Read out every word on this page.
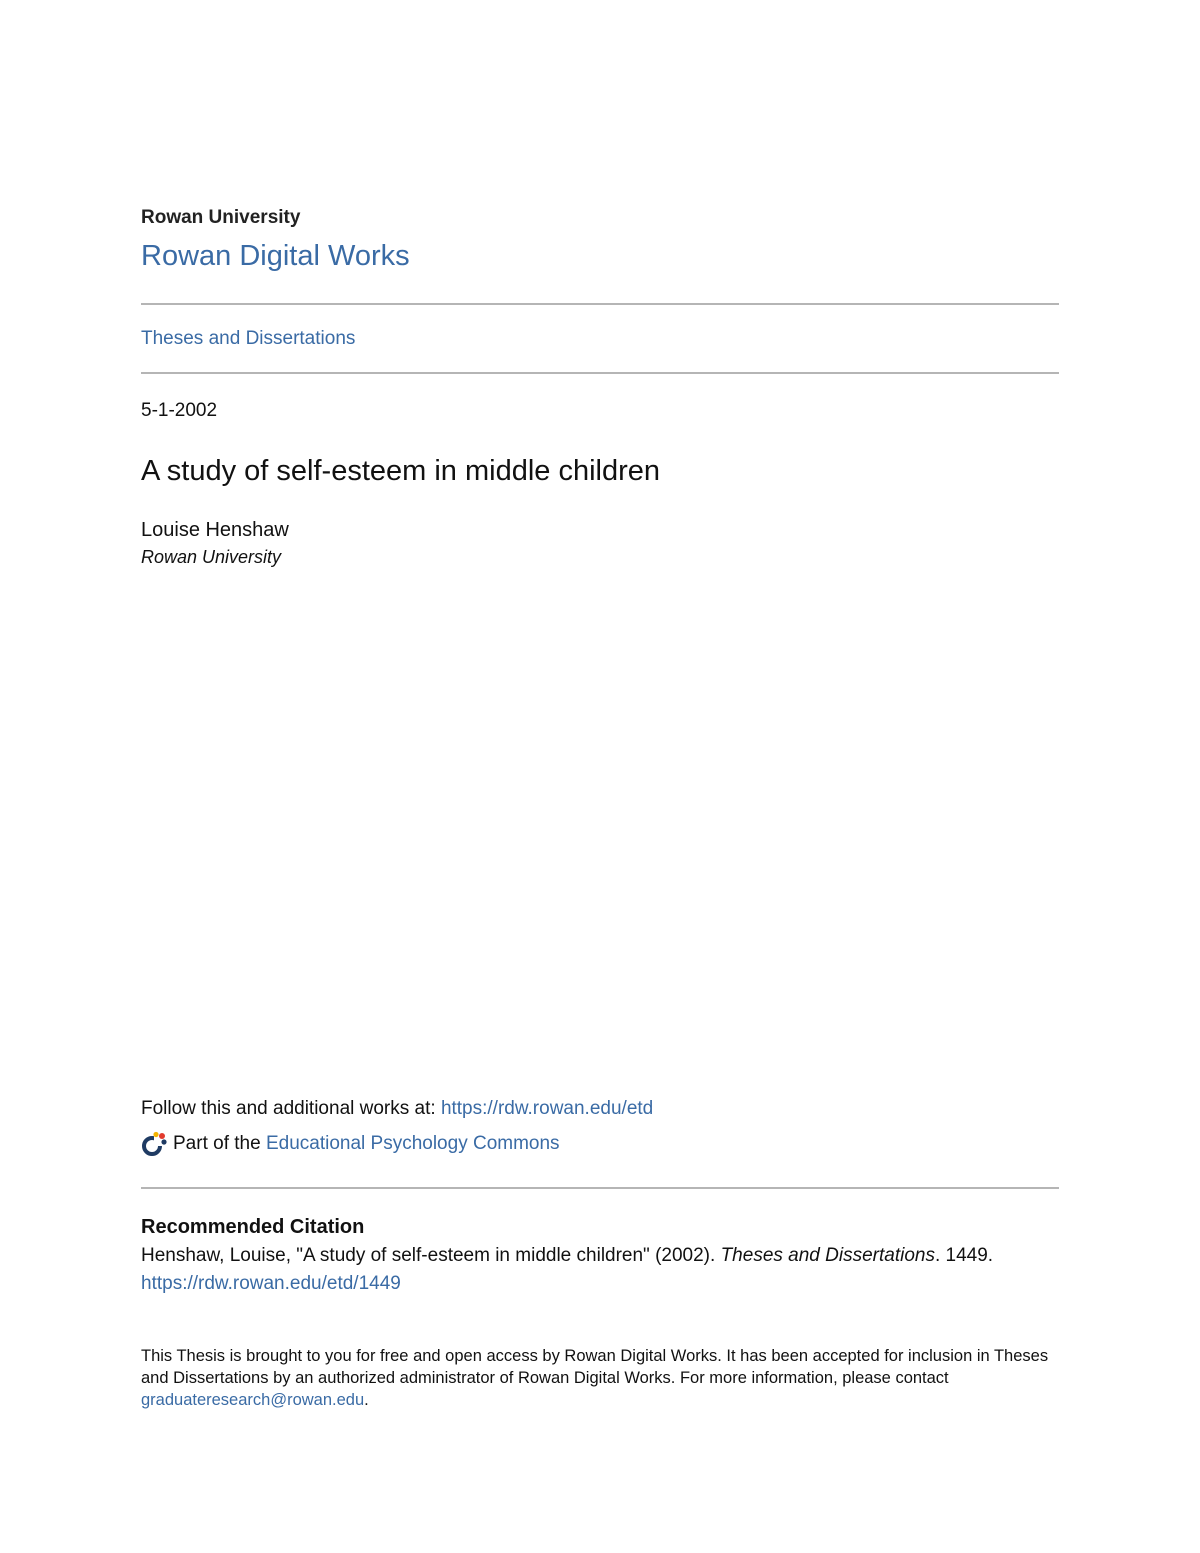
Rowan University
Rowan Digital Works
Theses and Dissertations
5-1-2002
A study of self-esteem in middle children
Louise Henshaw
Rowan University
Follow this and additional works at: https://rdw.rowan.edu/etd
Part of the Educational Psychology Commons
Recommended Citation
Henshaw, Louise, "A study of self-esteem in middle children" (2002). Theses and Dissertations. 1449.
https://rdw.rowan.edu/etd/1449
This Thesis is brought to you for free and open access by Rowan Digital Works. It has been accepted for inclusion in Theses and Dissertations by an authorized administrator of Rowan Digital Works. For more information, please contact graduateresearch@rowan.edu.
